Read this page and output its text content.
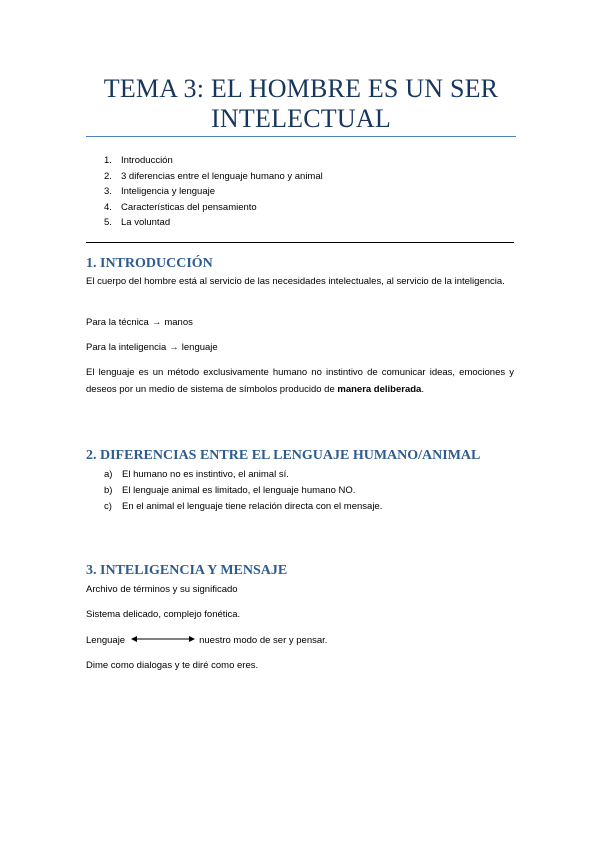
TEMA 3: EL HOMBRE ES UN SER
INTELECTUAL
1. Introducción
2. 3 diferencias entre el lenguaje humano y animal
3. Inteligencia y lenguaje
4. Características del pensamiento
5. La voluntad
1. INTRODUCCIÓN

El cuerpo del hombre está al servicio de las necesidades intelectuales, al servicio de la inteligencia.

Para la técnica → manos

Para la inteligencia → lenguaje

El lenguaje es un método exclusivamente humano no instintivo de comunicar ideas, emociones y deseos por un medio de sistema de símbolos producido de manera deliberada.

2. DIFERENCIAS ENTRE EL LENGUAJE HUMANO/ANIMAL
a)	El humano no es instintivo, el animal sí.
b)	El lenguaje animal es limitado, el lenguaje humano NO.
c)	En el animal el lenguaje tiene relación directa con el mensaje.
3. INTELIGENCIA Y MENSAJE

Archivo de términos y su significado

Sistema delicado, complejo fonética.

Lenguaje	nuestro modo de ser y pensar.

Dime como dialogas y te diré como eres.
